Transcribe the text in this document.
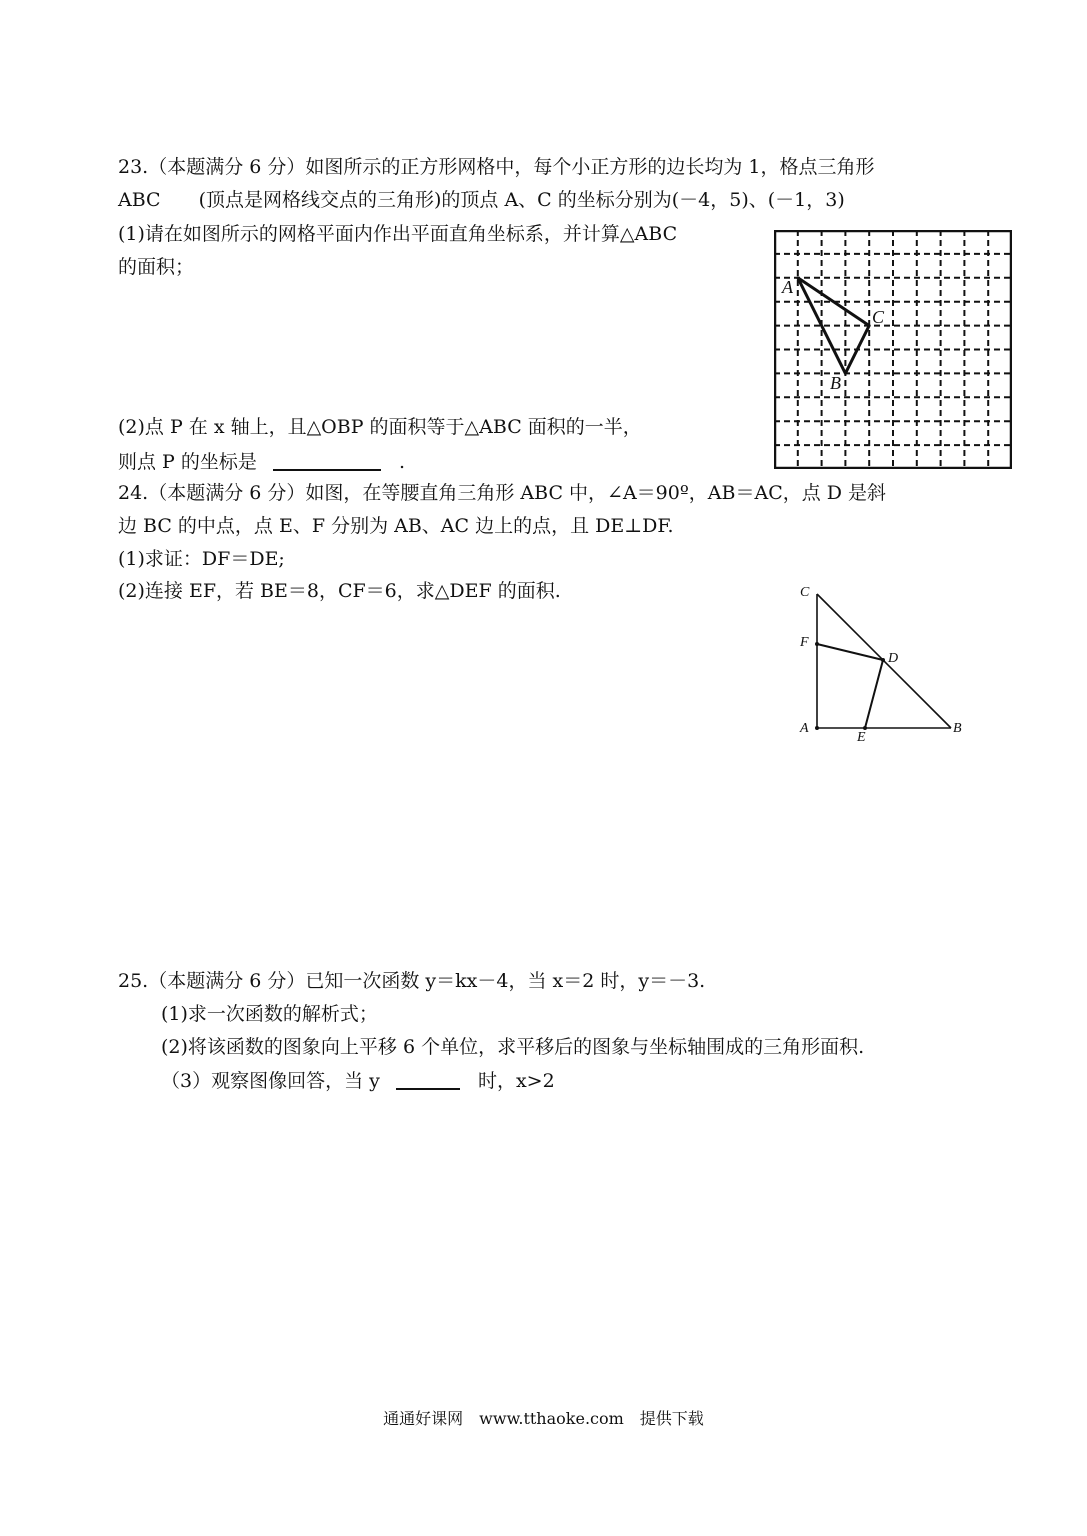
23.（本题满分 6 分）如图所示的正方形网格中，每个小正方形的边长均为 1，格点三角形
ABC　　(顶点是网格线交点的三角形)的顶点 A、C 的坐标分别为(－4，5)、(－1，3)
(1)请在如图所示的网格平面内作出平面直角坐标系，并计算△ABC
的面积；
(2)点 P 在 x 轴上，且△OBP 的面积等于△ABC 面积的一半，
则点 P 的坐标是	.
A
C
B
24.（本题满分 6 分）如图，在等腰直角三角形 ABC 中，∠A＝90º，AB＝AC，点 D 是斜
边 BC 的中点，点 E、F 分别为 AB、AC 边上的点，且 DE⊥DF.
(1)求证：DF＝DE;
(2)连接 EF，若 BE＝8，CF＝6，求△DEF 的面积.	C
F
D
A
E
B
25.（本题满分 6 分）已知一次函数 y＝kx－4，当 x＝2 时，y＝－3.
(1)求一次函数的解析式；
(2)将该函数的图象向上平移 6 个单位，求平移后的图象与坐标轴围成的三角形面积.
（3）观察图像回答，当 y	时，x>2
通通好课网　www.tthaoke.com　提供下载
